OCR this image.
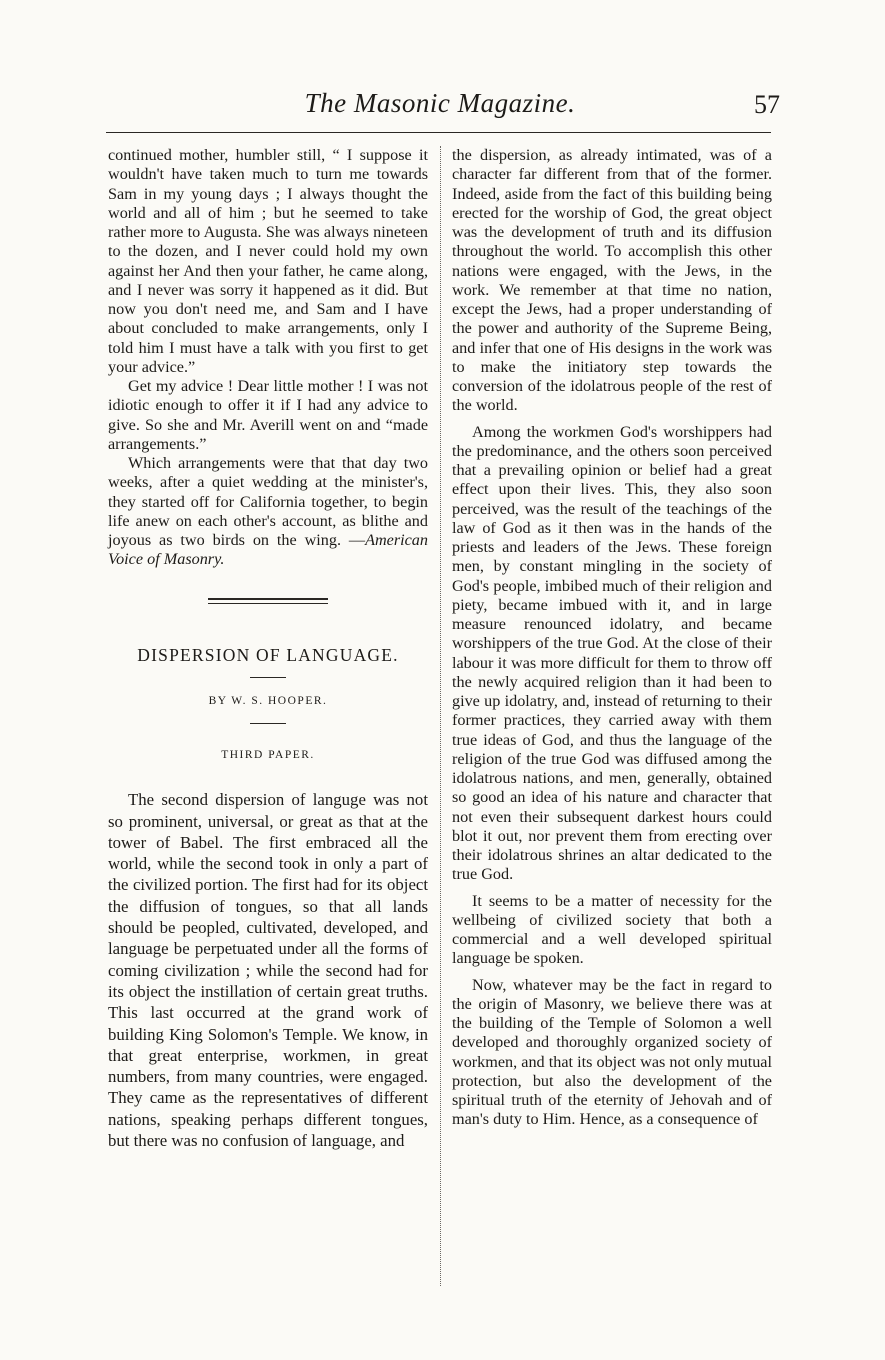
The Masonic Magazine.	57

continued mother, humbler still, “ I suppose it wouldn't have taken much to turn me towards Sam in my young days ; I always thought the world and all of him ; but he seemed to take rather more to Augusta. She was always nineteen to the dozen, and I never could hold my own against her And then your father, he came along, and I never was sorry it happened as it did. But now you don't need me, and Sam and I have about concluded to make arrangements, only I told him I must have a talk with you first to get your advice.”

Get my advice ! Dear little mother ! I was not idiotic enough to offer it if I had any advice to give. So she and Mr. Averill went on and “made arrangements.”

Which arrangements were that that day two weeks, after a quiet wedding at the minister's, they started off for California together, to begin life anew on each other's account, as blithe and joyous as two birds on the wing. —American Voice of Masonry.

DISPERSION OF LANGUAGE.
BY W. S. HOOPER.
THIRD PAPER.

The second dispersion of languge was not so prominent, universal, or great as that at the tower of Babel. The first embraced all the world, while the second took in only a part of the civilized portion. The first had for its object the diffusion of tongues, so that all lands should be peopled, cultivated, developed, and language be perpetuated under all the forms of coming civilization ; while the second had for its object the instillation of certain great truths. This last occurred at the grand work of building King Solomon's Temple. We know, in that great enterprise, workmen, in great numbers, from many countries, were engaged. They came as the representatives of different nations, speaking perhaps different tongues, but there was no confusion of language, and

the dispersion, as already intimated, was of a character far different from that of the former. Indeed, aside from the fact of this building being erected for the worship of God, the great object was the development of truth and its diffusion throughout the world. To accomplish this other nations were engaged, with the Jews, in the work. We remember at that time no nation, except the Jews, had a proper understanding of the power and authority of the Supreme Being, and infer that one of His designs in the work was to make the initiatory step towards the conversion of the idolatrous people of the rest of the world.

Among the workmen God's worshippers had the predominance, and the others soon perceived that a prevailing opinion or belief had a great effect upon their lives. This, they also soon perceived, was the result of the teachings of the law of God as it then was in the hands of the priests and leaders of the Jews. These foreign men, by constant mingling in the society of God's people, imbibed much of their religion and piety, became imbued with it, and in large measure renounced idolatry, and became worshippers of the true God. At the close of their labour it was more difficult for them to throw off the newly acquired religion than it had been to give up idolatry, and, instead of returning to their former practices, they carried away with them true ideas of God, and thus the language of the religion of the true God was diffused among the idolatrous nations, and men, generally, obtained so good an idea of his nature and character that not even their subsequent darkest hours could blot it out, nor prevent them from erecting over their idolatrous shrines an altar dedicated to the true God.

It seems to be a matter of necessity for the wellbeing of civilized society that both a commercial and a well developed spiritual language be spoken.

Now, whatever may be the fact in regard to the origin of Masonry, we believe there was at the building of the Temple of Solomon a well developed and thoroughly organized society of workmen, and that its object was not only mutual protection, but also the development of the spiritual truth of the eternity of Jehovah and of man's duty to Him. Hence, as a consequence of
